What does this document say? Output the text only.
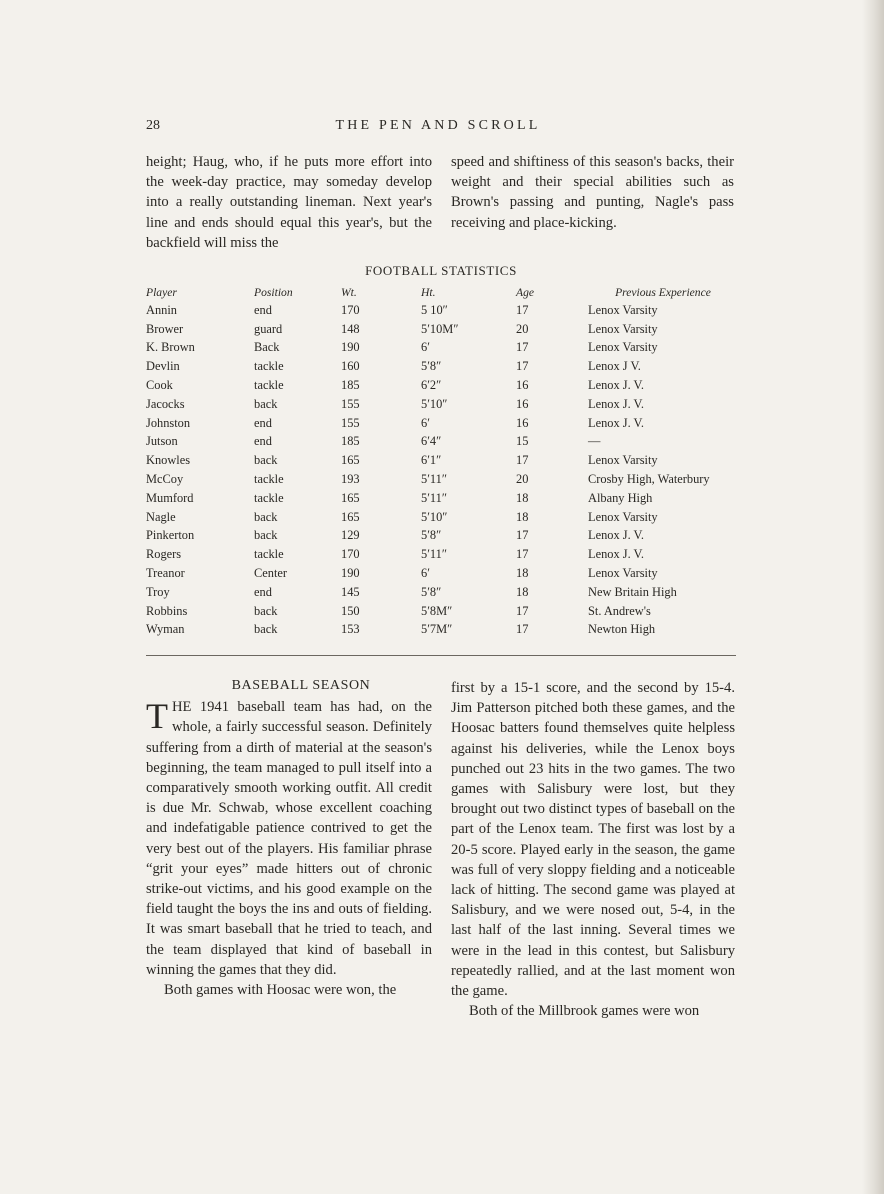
28	THE PEN AND SCROLL

height; Haug, who, if he puts more effort into the week-day practice, may someday develop into a really outstanding lineman. Next year's line and ends should equal this year's, but the backfield will miss the

speed and shiftiness of this season's backs, their weight and their special abilities such as Brown's passing and punting, Nagle's pass receiving and place-kicking.

FOOTBALL STATISTICS
Player	Position	Wt.	Ht.	Age	Previous Experience
Annin	end	170	5 10″	17	Lenox Varsity
Brower	guard	148	5′10M″	20	Lenox Varsity
K. Brown	Back	190	6′	17	Lenox Varsity
Devlin	tackle	160	5′8″	17	Lenox J V.
Cook	tackle	185	6′2″	16	Lenox J. V.
Jacocks	back	155	5′10″	16	Lenox J. V.
Johnston	end	155	6′	16	Lenox J. V.
Jutson	end	185	6′4″	15	—
Knowles	back	165	6′1″	17	Lenox Varsity
McCoy	tackle	193	5′11″	20	Crosby High, Waterbury
Mumford	tackle	165	5′11″	18	Albany High
Nagle	back	165	5′10″	18	Lenox Varsity
Pinkerton	back	129	5′8″	17	Lenox J. V.
Rogers	tackle	170	5′11″	17	Lenox J. V.
Treanor	Center	190	6′	18	Lenox Varsity
Troy	end	145	5′8″	18	New Britain High
Robbins	back	150	5′8M″	17	St. Andrew's
Wyman	back	153	5′7M″	17	Newton High
BASEBALL SEASON

THE 1941 baseball team has had, on the whole, a fairly successful season. Definitely suffering from a dirth of material at the season's beginning, the team managed to pull itself into a comparatively smooth working outfit. All credit is due Mr. Schwab, whose excellent coaching and indefatigable patience contrived to get the very best out of the players. His familiar phrase “grit your eyes” made hitters out of chronic strike-out victims, and his good example on the field taught the boys the ins and outs of fielding. It was smart baseball that he tried to teach, and the team displayed that kind of baseball in winning the games that they did.

Both games with Hoosac were won, the

first by a 15-1 score, and the second by 15-4. Jim Patterson pitched both these games, and the Hoosac batters found themselves quite helpless against his deliveries, while the Lenox boys punched out 23 hits in the two games. The two games with Salisbury were lost, but they brought out two distinct types of baseball on the part of the Lenox team. The first was lost by a 20-5 score. Played early in the season, the game was full of very sloppy fielding and a noticeable lack of hitting. The second game was played at Salisbury, and we were nosed out, 5-4, in the last half of the last inning. Several times we were in the lead in this contest, but Salisbury repeatedly rallied, and at the last moment won the game.

Both of the Millbrook games were won
